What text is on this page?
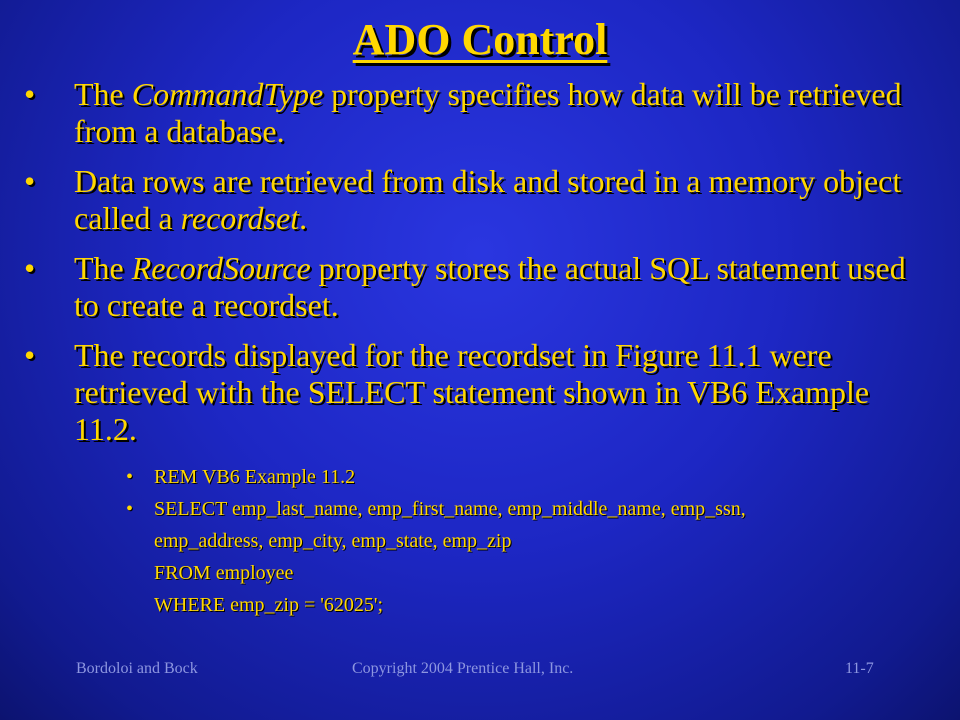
ADO Control
• The CommandType property specifies how data will be retrieved from a database.
• Data rows are retrieved from disk and stored in a memory object called a recordset.
• The RecordSource property stores the actual SQL statement used to create a recordset.
• The records displayed for the recordset in Figure 11.1 were retrieved with the SELECT statement shown in VB6 Example 11.2.
• REM VB6 Example 11.2
• SELECT emp_last_name, emp_first_name, emp_middle_name, emp_ssn,
emp_address, emp_city, emp_state, emp_zip
FROM employee
WHERE emp_zip = '62025';
Bordoloi and Bock	Copyright 2004 Prentice Hall, Inc.	11-7
